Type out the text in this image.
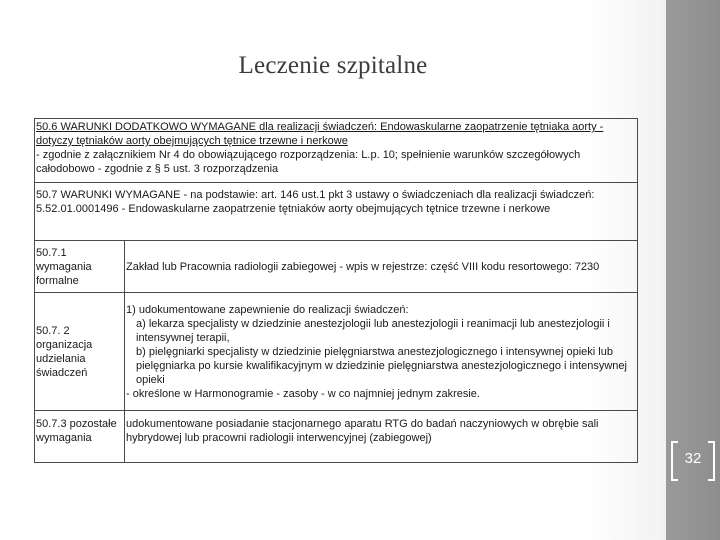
Leczenie szpitalne
50.6 WARUNKI DODATKOWO WYMAGANE dla realizacji świadczeń: Endowaskularne zaopatrzenie tętniaka aorty - dotyczy tętniaków aorty obejmujących tętnice trzewne i nerkowe
- zgodnie z załącznikiem Nr 4 do obowiązującego rozporządzenia: L.p. 10; spełnienie warunków szczegółowych całodobowo - zgodnie z § 5 ust. 3 rozporządzenia	
50.7 WARUNKI WYMAGANE - na podstawie: art. 146 ust.1 pkt 3 ustawy o świadczeniach dla realizacji świadczeń: 5.52.01.0001496 - Endowaskularne zaopatrzenie tętniaków aorty obejmujących tętnice trzewne i nerkowe	
50.7.1 wymagania formalne	Zakład lub Pracownia radiologii zabiegowej - wpis w rejestrze: część VIII kodu resortowego: 7230
50.7. 2 organizacja udzielania świadczeń	1) udokumentowane zapewnienie do realizacji świadczeń:
a) lekarza specjalisty w dziedzinie anestezjologii lub anestezjologii i reanimacji lub anestezjologii i intensywnej terapii,
b) pielęgniarki specjalisty w dziedzinie pielęgniarstwa anestezjologicznego i intensywnej opieki lub pielęgniarka po kursie kwalifikacyjnym w dziedzinie pielęgniarstwa anestezjologicznego i intensywnej opieki
- określone w Harmonogramie - zasoby - w co najmniej jednym zakresie.

50.7.3 pozostałe wymagania	udokumentowane posiadanie stacjonarnego aparatu RTG do badań naczyniowych w obrębie sali hybrydowej lub pracowni radiologii interwencyjnej (zabiegowej)
32
